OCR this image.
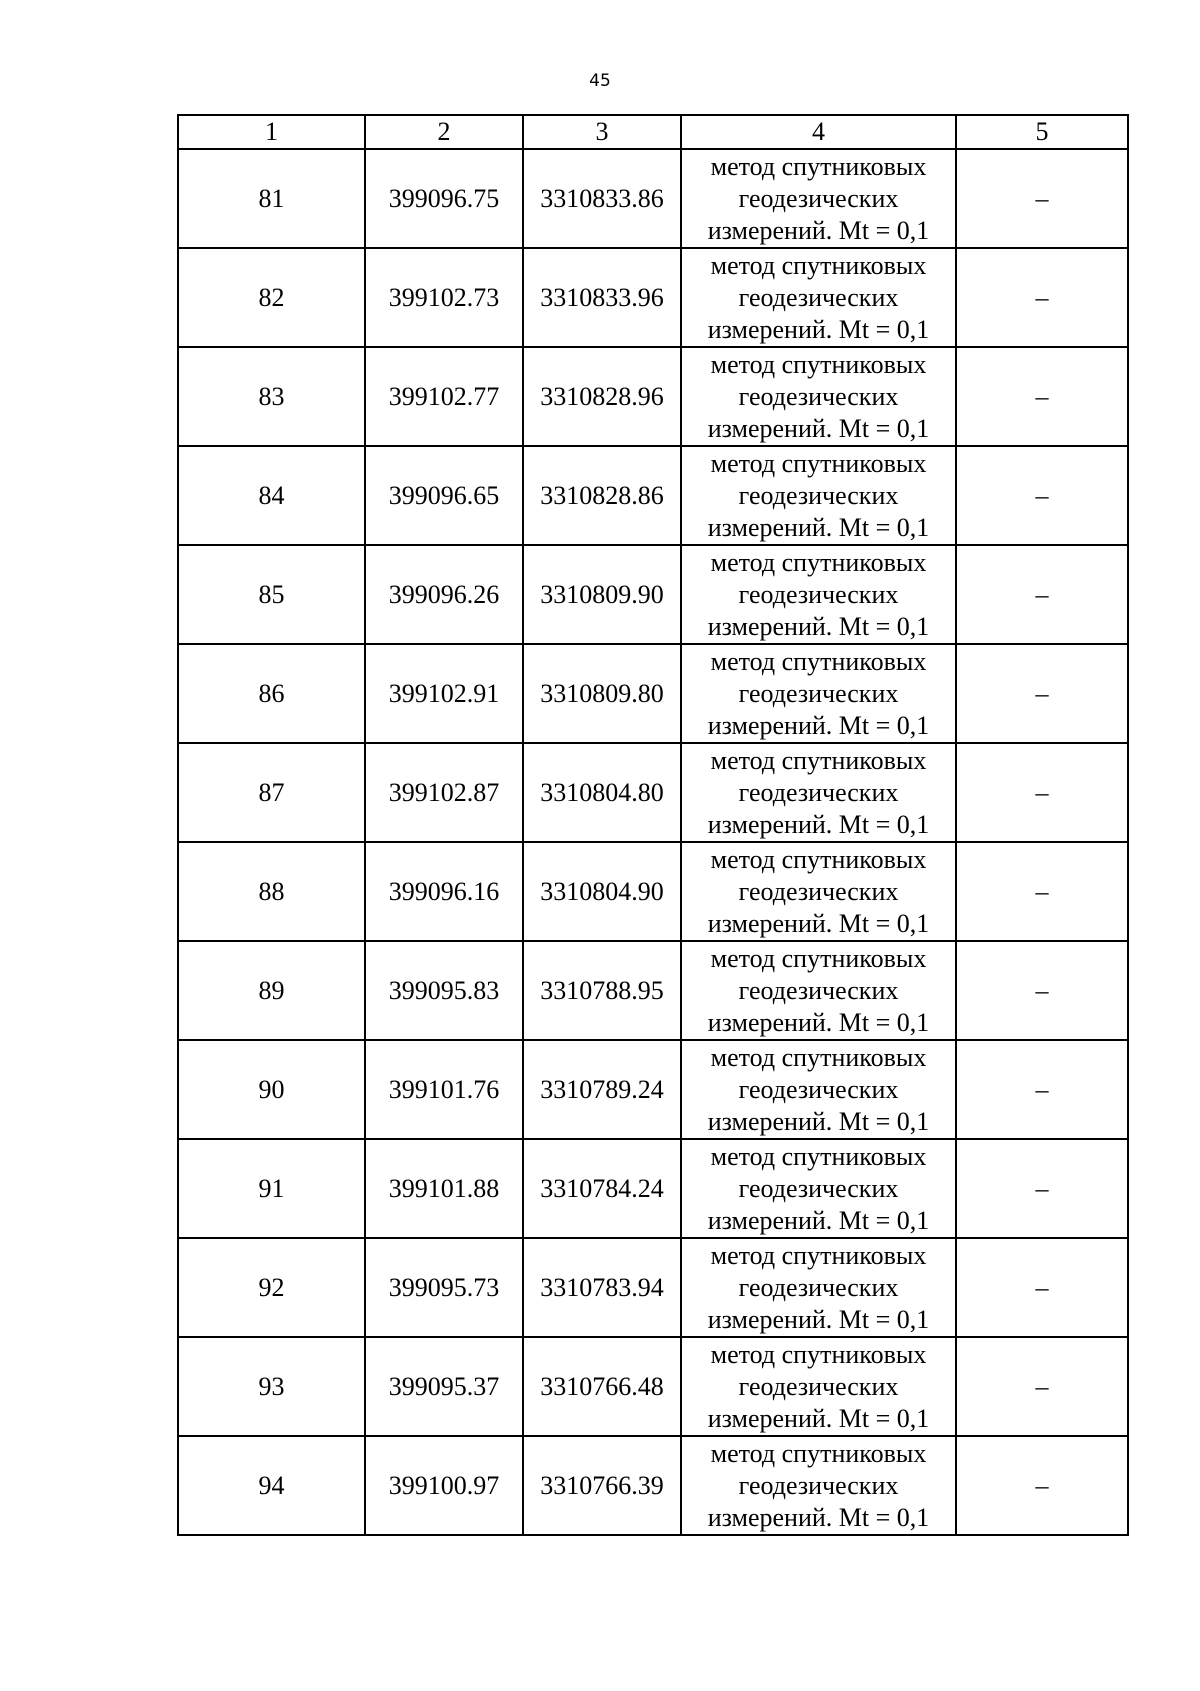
45
1	2	3	4	5
81	399096.75	3310833.86	метод спутниковых
геодезических
измерений. Mt = 0,1	–
82	399102.73	3310833.96	метод спутниковых
геодезических
измерений. Mt = 0,1	–
83	399102.77	3310828.96	метод спутниковых
геодезических
измерений. Mt = 0,1	–
84	399096.65	3310828.86	метод спутниковых
геодезических
измерений. Mt = 0,1	–
85	399096.26	3310809.90	метод спутниковых
геодезических
измерений. Mt = 0,1	–
86	399102.91	3310809.80	метод спутниковых
геодезических
измерений. Mt = 0,1	–
87	399102.87	3310804.80	метод спутниковых
геодезических
измерений. Mt = 0,1	–
88	399096.16	3310804.90	метод спутниковых
геодезических
измерений. Mt = 0,1	–
89	399095.83	3310788.95	метод спутниковых
геодезических
измерений. Mt = 0,1	–
90	399101.76	3310789.24	метод спутниковых
геодезических
измерений. Mt = 0,1	–
91	399101.88	3310784.24	метод спутниковых
геодезических
измерений. Mt = 0,1	–
92	399095.73	3310783.94	метод спутниковых
геодезических
измерений. Mt = 0,1	–
93	399095.37	3310766.48	метод спутниковых
геодезических
измерений. Mt = 0,1	–
94	399100.97	3310766.39	метод спутниковых
геодезических
измерений. Mt = 0,1	–
